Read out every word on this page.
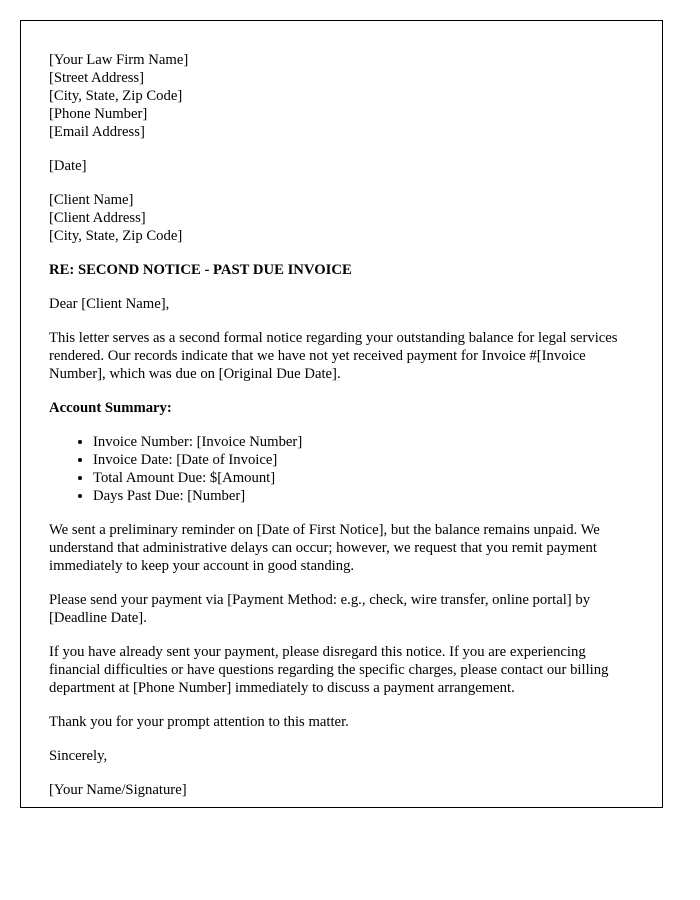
[Your Law Firm Name]
[Street Address]
[City, State, Zip Code]
[Phone Number]
[Email Address]
[Date]
[Client Name]
[Client Address]
[City, State, Zip Code]
RE: SECOND NOTICE - PAST DUE INVOICE
Dear [Client Name],
This letter serves as a second formal notice regarding your outstanding balance for legal services rendered. Our records indicate that we have not yet received payment for Invoice #[Invoice Number], which was due on [Original Due Date].
Account Summary:
• Invoice Number: [Invoice Number]
• Invoice Date: [Date of Invoice]
• Total Amount Due: $[Amount]
• Days Past Due: [Number]
We sent a preliminary reminder on [Date of First Notice], but the balance remains unpaid. We understand that administrative delays can occur; however, we request that you remit payment immediately to keep your account in good standing.
Please send your payment via [Payment Method: e.g., check, wire transfer, online portal] by [Deadline Date].
If you have already sent your payment, please disregard this notice. If you are experiencing financial difficulties or have questions regarding the specific charges, please contact our billing department at [Phone Number] immediately to discuss a payment arrangement.
Thank you for your prompt attention to this matter.
Sincerely,
[Your Name/Signature]
